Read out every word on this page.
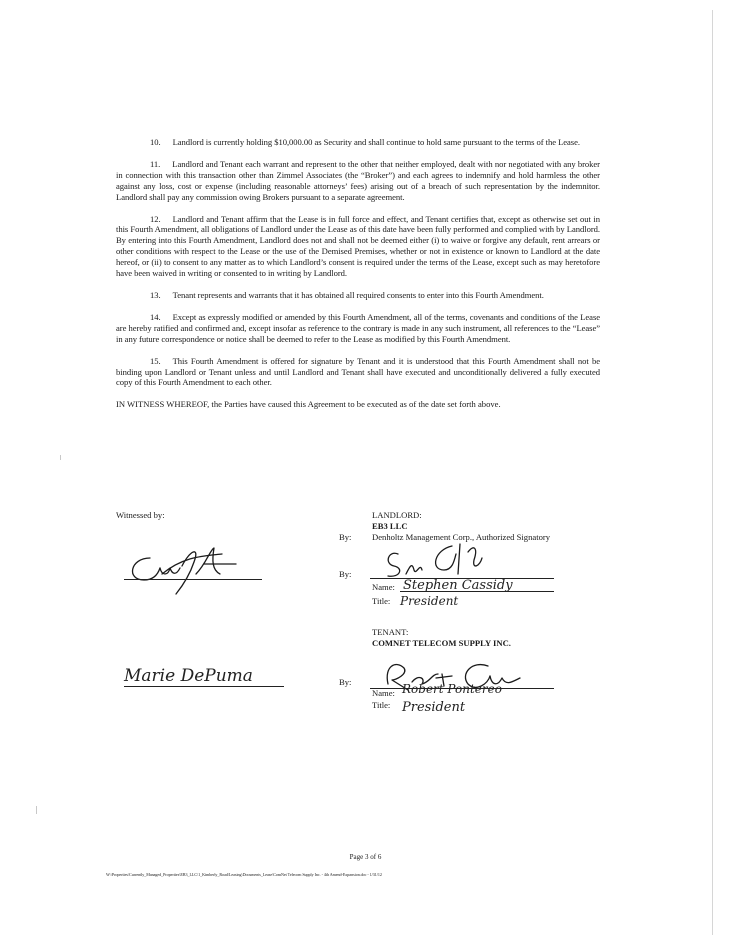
10. Landlord is currently holding $10,000.00 as Security and shall continue to hold same pursuant to the terms of the Lease.

11. Landlord and Tenant each warrant and represent to the other that neither employed, dealt with nor negotiated with any broker in connection with this transaction other than Zimmel Associates (the “Broker”) and each agrees to indemnify and hold harmless the other against any loss, cost or expense (including reasonable attorneys’ fees) arising out of a breach of such representation by the indemnitor. Landlord shall pay any commission owing Brokers pursuant to a separate agreement.

12. Landlord and Tenant affirm that the Lease is in full force and effect, and Tenant certifies that, except as otherwise set out in this Fourth Amendment, all obligations of Landlord under the Lease as of this date have been fully performed and complied with by Landlord. By entering into this Fourth Amendment, Landlord does not and shall not be deemed either (i) to waive or forgive any default, rent arrears or other conditions with respect to the Lease or the use of the Demised Premises, whether or not in existence or known to Landlord at the date hereof, or (ii) to consent to any matter as to which Landlord’s consent is required under the terms of the Lease, except such as may heretofore have been waived in writing or consented to in writing by Landlord.

13. Tenant represents and warrants that it has obtained all required consents to enter into this Fourth Amendment.

14. Except as expressly modified or amended by this Fourth Amendment, all of the terms, covenants and conditions of the Lease are hereby ratified and confirmed and, except insofar as reference to the contrary is made in any such instrument, all references to the “Lease” in any future correspondence or notice shall be deemed to refer to the Lease as modified by this Fourth Amendment.

15. This Fourth Amendment is offered for signature by Tenant and it is understood that this Fourth Amendment shall not be binding upon Landlord or Tenant unless and until Landlord and Tenant shall have executed and unconditionally delivered a fully executed copy of this Fourth Amendment to each other.

IN WITNESS WHEREOF, the Parties have caused this Agreement to be executed as of the date set forth above.

Witnessed by:	LANDLORD:
EB3 LLC
Denholtz Management Corp., Authorized Signatory
By:
By:
Name: Stephen Cassidy
Title: President
TENANT:
COMNET TELECOM SUPPLY INC.
By:
Name: Robert Pontereo
Title: President
Marie DePuma
Page 3 of 6
W:\Properties\Currently_Managed_Properties\EB3_LLC\1_Kimberly_Road\Leasing\Documents_Lease\ComNet Telecom Supply Inc. - 4th Amend-Expansion.doc - 1/31/12
